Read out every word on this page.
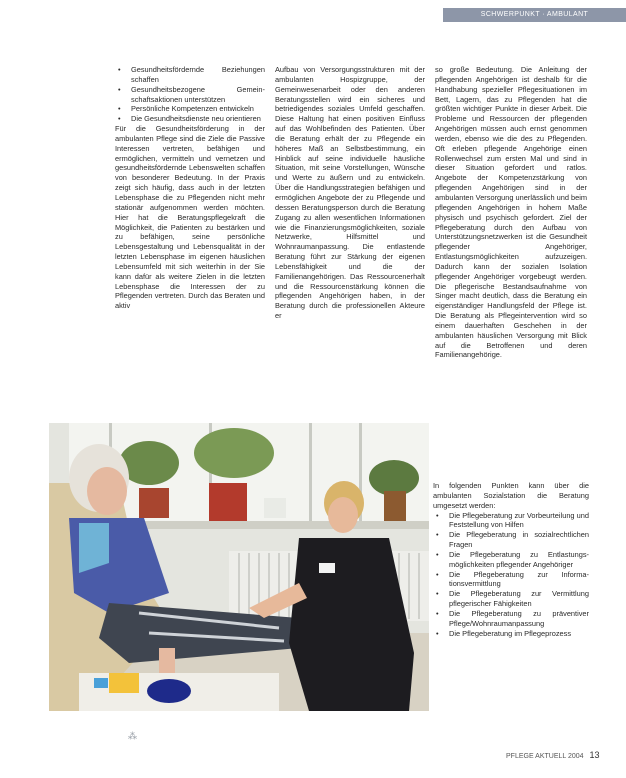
SCHWERPUNKT · AMBULANT
• Gesundheitsfördernde Beziehungen schaffen
• Gesundheitsbezogene Gemeinschaftsaktionen unterstützen
• Persönliche Kompetenzen entwickeln
• Die Gesundheitsdienste neu orientieren

Für die Gesundheitsförderung in der ambulanten Pflege sind die Ziele die Passive Interessen vertreten, befähigen und ermöglichen, vermitteln und vernetzen und gesundheitsfördernde Lebenswelten schaffen von besonderer Bedeutung. In der Praxis zeigt sich häufig, dass auch in der letzten Lebensphase die zu Pflegenden nicht mehr stationär aufgenommen werden möchten. Hier hat die Beratungspflegekraft die Möglichkeit, die Patienten zu bestärken und zu befähigen, seine persönliche Lebensgestaltung und Lebensqualität in der letzten Lebensphase im eigenen häuslichen Lebensumfeld mit sich weiterhin in der Sie kann dafür als weitere Zielen in die letzten Lebensphase die Interessen der zu Pflegenden vertreten. Durch das Beraten und aktiv

Aufbau von Versorgungsstrukturen mit der ambulanten Hospizgruppe, der Gemeinwesenarbeit oder den anderen Beratungsstellen wird ein sicheres und betriedigendes soziales Umfeld geschaffen. Diese Haltung hat einen positiven Einfluss auf das Wohlbefinden des Patienten. Über die Beratung erhält der zu Pflegende ein höheres Maß an Selbstbestimmung, ein Hinblick auf seine individuelle häusliche Situation, mit seine Vorstellungen, Wünsche und Werte zu äußern und zu entwickeln. Über die Handlungsstrategien befähigen und ermöglichen Angebote der zu Pflegende und dessen Beratungsperson durch die Beratung Zugang zu allen wesentlichen Informationen wie die Finanzierungsmöglichkeiten, soziale Netzwerke, Hilfsmittel und Wohnraumanpassung. Die entlastende Beratung führt zur Stärkung der eigenen Lebensfähigkeit und die der Familienangehörigen. Das Ressourcenerhalt und die Ressourcenstärkung können die pflegenden Angehörigen haben, in der Beratung durch die professionellen Akteure er

so große Bedeutung. Die Anleitung der pflegenden Angehörigen ist deshalb für die Handhabung spezieller Pflegesituationen im Bett, Lagern, das zu Pflegenden hat die größten wichtiger Punkte in dieser Arbeit. Die Probleme und Ressourcen der pflegenden Angehörigen müssen auch ernst genommen werden, ebenso wie die des zu Pflegenden. Oft erleben pflegende Angehörige einen Rollenwechsel zum ersten Mal und sind in dieser Situation gefordert und ratlos. Angebote der Kompetenzstärkung von pflegenden Angehörigen sind in der ambulanten Versorgung unerlässlich und beim pflegenden Angehörigen in hohem Maße physisch und psychisch gefordert. Ziel der Pflegeberatung durch den Aufbau von Unterstützungsnetzwerken ist die Gesundheit pflegender Angehöriger, Entlastungsmöglichkeiten aufzuzeigen. Dadurch kann der sozialen Isolation pflegender Angehöriger vorgebeugt werden. Die pflegerische Bestandsaufnahme von Singer macht deutlich, dass die Beratung ein eigenständiger Handlungsfeld der Pflege ist. Die Beratung als Pflegeintervention wird so einem dauerhaften Geschehen in der ambulanten häuslichen Versorgung mit Blick auf die Betroffenen und deren Familienangehörige.

In folgenden Punkten kann über die ambulanten Sozialstation die Beratung umgesetzt werden:

• Die Pflegeberatung zur Vorbeurteilung und Feststellung von Hilfen
• Die Pflegeberatung in sozialrechtlichen Fragen
• Die Pflegeberatung zu Entlastungsmöglichkeiten pflegender Angehöriger
• Die Pflegeberatung zur Informationsvermittlung
• Die Pflegeberatung zur Vermittlung pflegerischer Fähigkeiten
• Die Pflegeberatung zu präventiver Pflege/Wohnraumanpassung
• Die Pflegeberatung im Pflegeprozess
⁂
PFLEGE AKTUELL 2004 13
